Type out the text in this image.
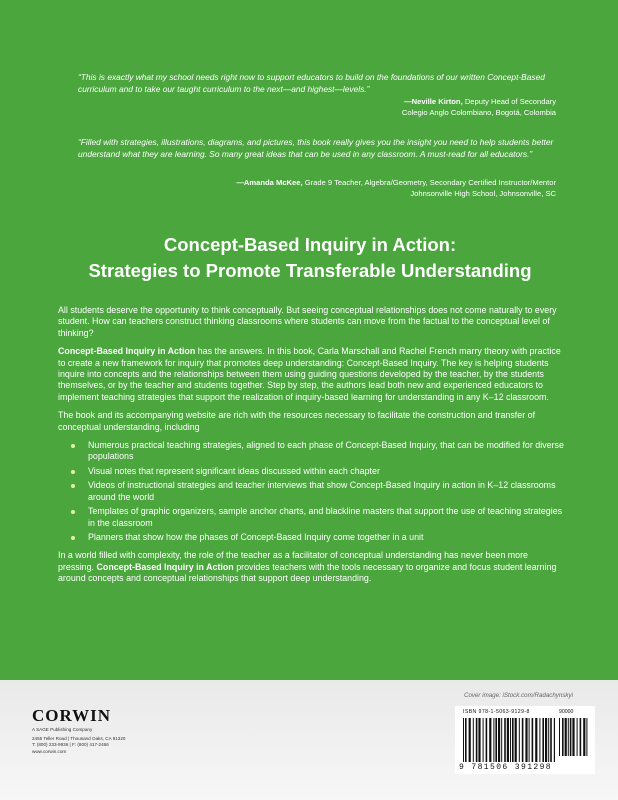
“This is exactly what my school needs right now to support educators to build on the foundations of our written Concept-Based curriculum and to take our taught curriculum to the next—and highest—levels.”
—Neville Kirton, Deputy Head of Secondary
Colegio Anglo Colombiano, Bogotá, Colombia
“Filled with strategies, illustrations, diagrams, and pictures, this book really gives you the insight you need to help students better understand what they are learning. So many great ideas that can be used in any classroom. A must-read for all educators.”
—Amanda McKee, Grade 9 Teacher, Algebra/Geometry, Secondary Certified Instructor/Mentor
Johnsonville High School, Johnsonville, SC
Concept-Based Inquiry in Action:
Strategies to Promote Transferable Understanding

All students deserve the opportunity to think conceptually. But seeing conceptual relationships does not come naturally to every student. How can teachers construct thinking classrooms where students can move from the factual to the conceptual level of thinking?

Concept-Based Inquiry in Action has the answers. In this book, Carla Marschall and Rachel French marry theory with practice to create a new framework for inquiry that promotes deep understanding: Concept-Based Inquiry. The key is helping students inquire into concepts and the relationships between them using guiding questions developed by the teacher, by the students themselves, or by the teacher and students together. Step by step, the authors lead both new and experienced educators to implement teaching strategies that support the realization of inquiry-based learning for understanding in any K–12 classroom.

The book and its accompanying website are rich with the resources necessary to facilitate the construction and transfer of conceptual understanding, including

Numerous practical teaching strategies, aligned to each phase of Concept-Based Inquiry, that can be modified for diverse populations
Visual notes that represent significant ideas discussed within each chapter
Videos of instructional strategies and teacher interviews that show Concept-Based Inquiry in action in K–12 classrooms around the world
Templates of graphic organizers, sample anchor charts, and blackline masters that support the use of teaching strategies in the classroom
Planners that show how the phases of Concept-Based Inquiry come together in a unit

In a world filled with complexity, the role of the teacher as a facilitator of conceptual understanding has never been more pressing. Concept-Based Inquiry in Action provides teachers with the tools necessary to organize and focus student learning around concepts and conceptual relationships that support deep understanding.

Cover image: iStock.com/Radachynskyi
CORWIN
A SAGE Publishing Company
2455 Teller Road | Thousand Oaks, CA 91320
T: (800) 233-9936 | F: (800) 417-2466
www.corwin.com
ISBN 978-1-5063-9129-8	90000
9 781506 391298
